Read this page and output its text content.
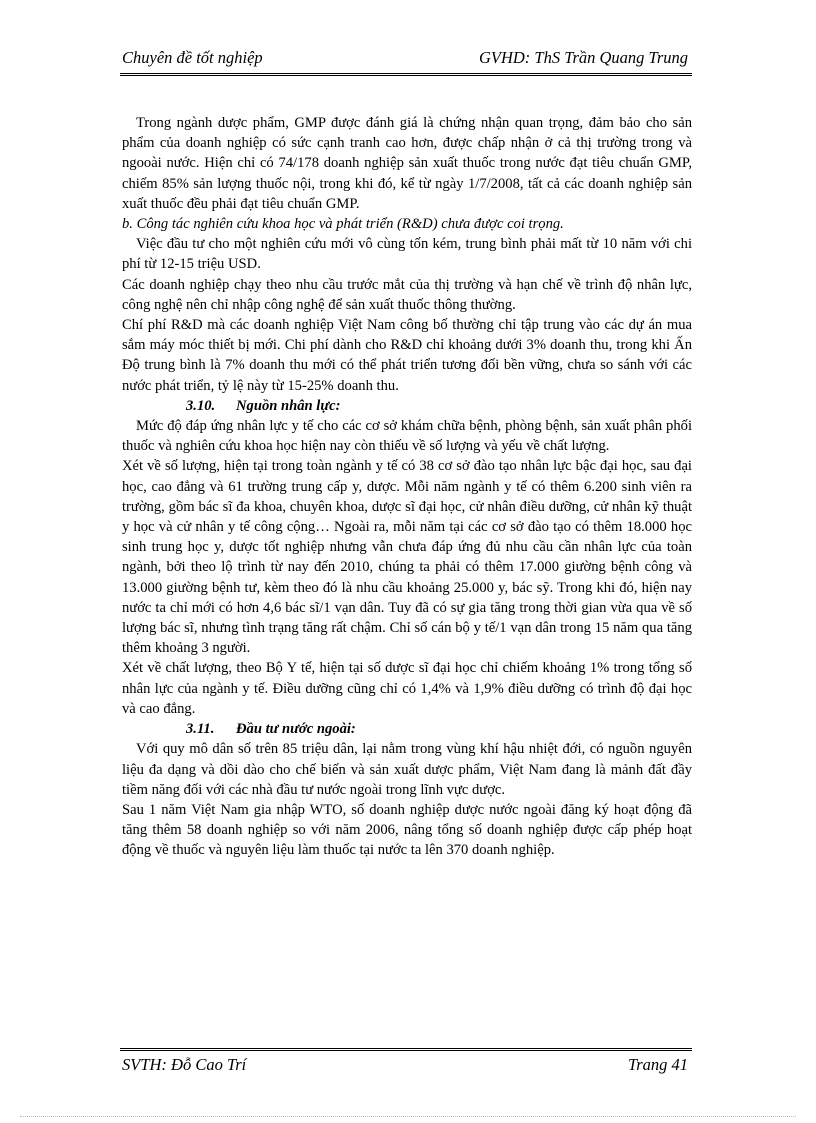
Chuyên đề tốt nghiệp	GVHD: ThS Trần Quang Trung

Trong ngành dược phẩm, GMP được đánh giá là chứng nhận quan trọng, đảm bảo cho sản phẩm của doanh nghiệp có sức cạnh tranh cao hơn, được chấp nhận ở cả thị trường trong và ngooài nước. Hiện chỉ có 74/178 doanh nghiệp sản xuất thuốc trong nước đạt tiêu chuẩn GMP, chiếm 85% sản lượng thuốc nội, trong khi đó, kể từ ngày 1/7/2008, tất cả các doanh nghiệp sản xuất thuốc đều phải đạt tiêu chuẩn GMP.

b. Công tác nghiên cứu khoa học và phát triển (R&D) chưa được coi trọng.

Việc đầu tư cho một nghiên cứu mới vô cùng tốn kém, trung bình phải mất từ 10 năm với chi phí từ 12-15 triệu USD.

Các doanh nghiệp chạy theo nhu cầu trước mắt của thị trường và hạn chế về trình độ nhân lực, công nghệ nên chỉ nhập công nghệ để sản xuất thuốc thông thường.

Chí phí R&D mà các doanh nghiệp Việt Nam công bố thường chỉ tập trung vào các dự án mua sắm máy móc thiết bị mới. Chi phí dành cho R&D chỉ khoảng dưới 3% doanh thu, trong khi Ấn Độ trung bình là 7% doanh thu mới có thể phát triển tương đối bền vững, chưa so sánh với các nước phát triển, tỷ lệ này từ 15-25% doanh thu.

3.10. Nguồn nhân lực:

Mức độ đáp ứng nhân lực y tế cho các cơ sở khám chữa bệnh, phòng bệnh, sản xuất phân phối thuốc và nghiên cứu khoa học hiện nay còn thiếu về số lượng và yếu về chất lượng.

Xét về số lượng, hiện tại trong toàn ngành y tế có 38 cơ sở đào tạo nhân lực bậc đại học, sau đại học, cao đẳng và 61 trường trung cấp y, dược. Mỗi năm ngành y tế có thêm 6.200 sinh viên ra trường, gồm bác sĩ đa khoa, chuyên khoa, dược sĩ đại học, cử nhân điều dưỡng, cử nhân kỹ thuật y học và cử nhân y tế công cộng… Ngoài ra, mỗi năm tại các cơ sở đào tạo có thêm 18.000 học sinh trung học y, dược tốt nghiệp nhưng vẫn chưa đáp ứng đủ nhu cầu cần nhân lực của toàn ngành, bởi theo lộ trình từ nay đến 2010, chúng ta phải có thêm 17.000 giường bệnh công và 13.000 giường bệnh tư, kèm theo đó là nhu cầu khoảng 25.000 y, bác sỹ. Trong khi đó, hiện nay nước ta chỉ mới có hơn 4,6 bác sĩ/1 vạn dân. Tuy đã có sự gia tăng trong thời gian vừa qua về số lượng bác sĩ, nhưng tình trạng tăng rất chậm. Chỉ số cán bộ y tế/1 vạn dân trong 15 năm qua tăng thêm khoảng 3 người.

Xét về chất lượng, theo Bộ Y tế, hiện tại số dược sĩ đại học chỉ chiếm khoảng 1% trong tổng số nhân lực của ngành y tế. Điều dưỡng cũng chỉ có 1,4% và 1,9% điều dưỡng có trình độ đại học và cao đẳng.

3.11. Đầu tư nước ngoài:

Với quy mô dân số trên 85 triệu dân, lại nằm trong vùng khí hậu nhiệt đới, có nguồn nguyên liệu đa dạng và dồi dào cho chế biến và sản xuất dược phẩm, Việt Nam đang là mảnh đất đầy tiềm năng đối với các nhà đầu tư nước ngoài trong lĩnh vực dược.

Sau 1 năm Việt Nam gia nhập WTO, số doanh nghiệp dược nước ngoài đăng ký hoạt động đã tăng thêm 58 doanh nghiệp so với năm 2006, nâng tổng số doanh nghiệp được cấp phép hoạt động về thuốc và nguyên liệu làm thuốc tại nước ta lên 370 doanh nghiệp.

SVTH: Đỗ Cao Trí	Trang 41
